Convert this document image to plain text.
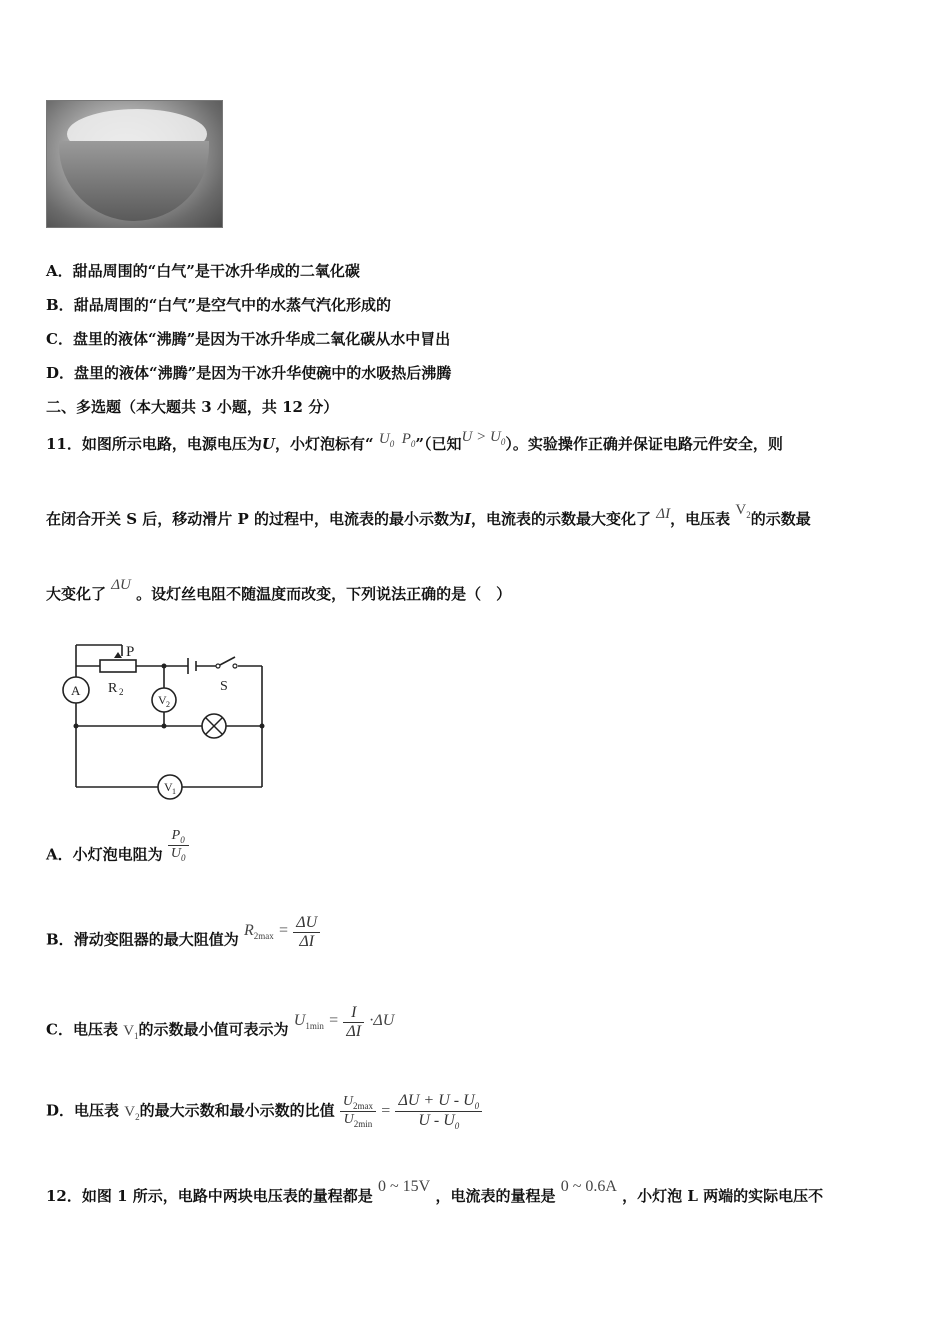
A．甜品周围的“白气”是干冰升华成的二氧化碳
B．甜品周围的“白气”是空气中的水蒸气汽化形成的
C．盘里的液体“沸腾”是因为干冰升华成二氧化碳从水中冒出
D．盘里的液体“沸腾”是因为干冰升华使碗中的水吸热后沸腾
二、多选题（本大题共 3 小题，共 12 分）
11．如图所示电路，电源电压为U，小灯泡标有“ $U_0$ $P_0$”（已知$U > U_0$）。实验操作正确并保证电路元件安全，则
在闭合开关 S 后，移动滑片 P 的过程中，电流表的最小示数为I，电流表的示数最大变化了 ΔI，电压表 $V_2$的示数最
大变化了 ΔU 。设灯丝电阻不随温度而改变，下列说法正确的是（　）
P
R 2	S
A
V 2
V 1
A．小灯泡电阻为 $\frac{P_0}{U_0}$
B．滑动变阻器的最大阻值为 $R_{2max} = \frac{\Delta U}{\Delta I}$
C．电压表 $V_1$的示数最小值可表示为 $U_{1min} = \frac{I}{\Delta I} \cdot\Delta U$
D．电压表 $V_2$的最大示数和最小示数的比值 $\frac{U_{2max}}{U_{2min}} = \frac{\Delta U + U - U_0}{U - U_0}$
12．如图 1 所示，电路中两块电压表的量程都是 0 ~ 15V ，电流表的量程是 0 ~ 0.6A ，小灯泡 L 两端的实际电压不
